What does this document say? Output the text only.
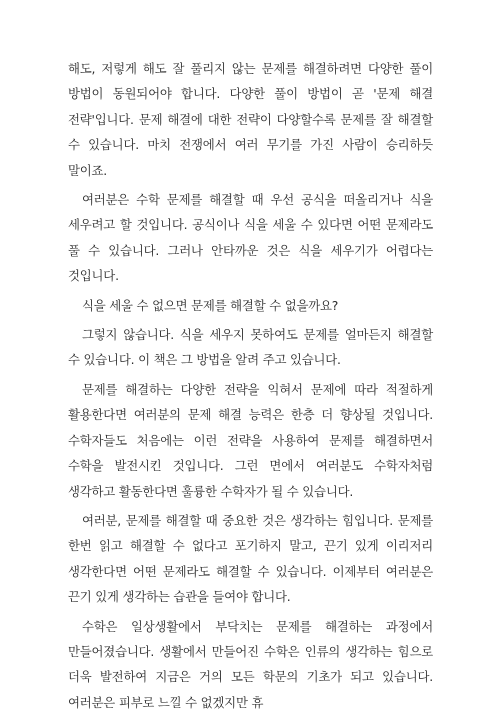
해도, 저렇게 해도 잘 풀리지 않는 문제를 해결하려면 다양한 풀이 방법이 동원되어야 합니다. 다양한 풀이 방법이 곧 '문제 해결 전략'입니다. 문제 해결에 대한 전략이 다양할수록 문제를 잘 해결할 수 있습니다. 마치 전쟁에서 여러 무기를 가진 사람이 승리하듯 말이죠.

여러분은 수학 문제를 해결할 때 우선 공식을 떠올리거나 식을 세우려고 할 것입니다. 공식이나 식을 세울 수 있다면 어떤 문제라도 풀 수 있습니다. 그러나 안타까운 것은 식을 세우기가 어렵다는 것입니다.

식을 세울 수 없으면 문제를 해결할 수 없을까요?

그렇지 않습니다. 식을 세우지 못하여도 문제를 얼마든지 해결할 수 있습니다. 이 책은 그 방법을 알려 주고 있습니다.

문제를 해결하는 다양한 전략을 익혀서 문제에 따라 적절하게 활용한다면 여러분의 문제 해결 능력은 한층 더 향상될 것입니다. 수학자들도 처음에는 이런 전략을 사용하여 문제를 해결하면서 수학을 발전시킨 것입니다. 그런 면에서 여러분도 수학자처럼 생각하고 활동한다면 훌륭한 수학자가 될 수 있습니다.

여러분, 문제를 해결할 때 중요한 것은 생각하는 힘입니다. 문제를 한번 읽고 해결할 수 없다고 포기하지 말고, 끈기 있게 이리저리 생각한다면 어떤 문제라도 해결할 수 있습니다. 이제부터 여러분은 끈기 있게 생각하는 습관을 들여야 합니다.

수학은 일상생활에서 부닥치는 문제를 해결하는 과정에서 만들어졌습니다. 생활에서 만들어진 수학은 인류의 생각하는 힘으로 더욱 발전하여 지금은 거의 모든 학문의 기초가 되고 있습니다. 여러분은 피부로 느낄 수 없겠지만 휴
